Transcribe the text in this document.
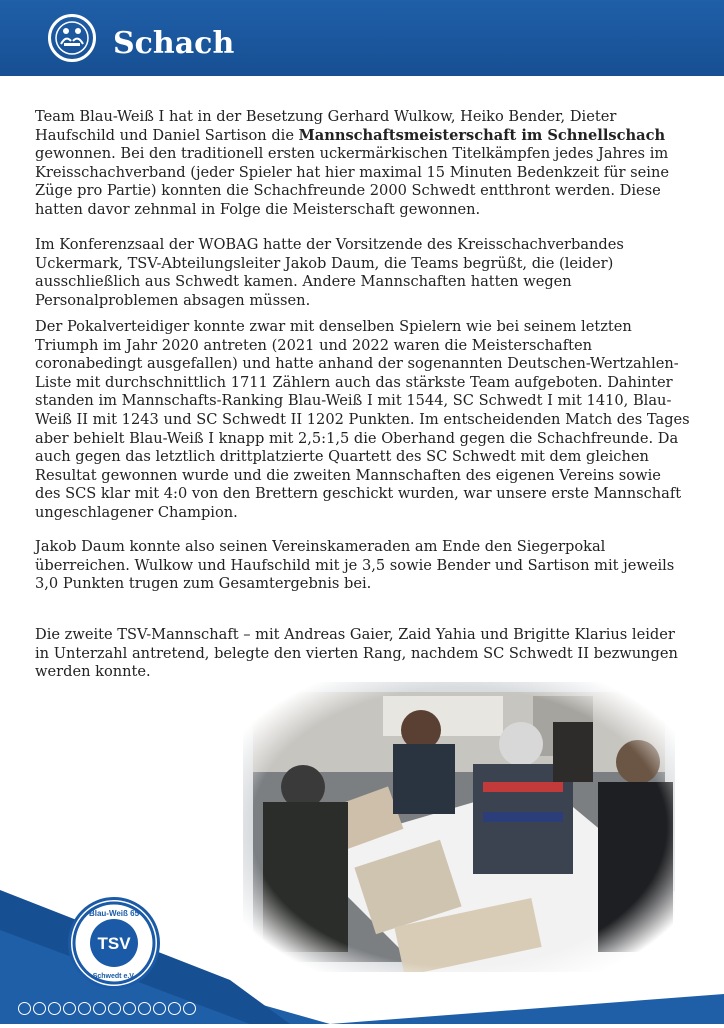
Schach

Team Blau-Weiß I hat in der Besetzung Gerhard Wulkow, Heiko Bender, Dieter Haufschild und Daniel Sartison die Mannschaftsmeisterschaft im Schnellschach gewonnen. Bei den traditionell ersten uckermärkischen Titelkämpfen jedes Jahres im Kreisschachverband (jeder Spieler hat hier maximal 15 Minuten Bedenkzeit für seine Züge pro Partie) konnten die Schachfreunde 2000 Schwedt entthront werden. Diese hatten davor zehnmal in Folge die Meisterschaft gewonnen.

Im Konferenzsaal der WOBAG hatte der Vorsitzende des Kreisschachverbandes Uckermark, TSV-Abteilungsleiter Jakob Daum, die Teams begrüßt, die (leider) ausschließlich aus Schwedt kamen. Andere Mannschaften hatten wegen Personalproblemen absagen müssen.

Der Pokalverteidiger konnte zwar mit denselben Spielern wie bei seinem letzten Triumph im Jahr 2020 antreten (2021 und 2022 waren die Meisterschaften coronabedingt ausgefallen) und hatte anhand der sogenannten Deutschen-Wertzahlen-Liste mit durchschnittlich 1711 Zählern auch das stärkste Team aufgeboten. Dahinter standen im Mannschafts-Ranking Blau-Weiß I mit 1544, SC Schwedt I mit 1410, Blau-Weiß II mit 1243 und SC Schwedt II 1202 Punkten. Im entscheidenden Match des Tages aber behielt Blau-Weiß I knapp mit 2,5:1,5 die Oberhand gegen die Schachfreunde. Da auch gegen das letztlich drittplatzierte Quartett des SC Schwedt mit dem gleichen Resultat gewonnen wurde und die zweiten Mannschaften des eigenen Vereins sowie des SCS klar mit 4:0 von den Brettern geschickt wurden, war unsere erste Mannschaft ungeschlagener Champion.

Jakob Daum konnte also seinen Vereinskameraden am Ende den Siegerpokal überreichen. Wulkow und Haufschild mit je 3,5 sowie Bender und Sartison mit jeweils 3,0 Punkten trugen zum Gesamtergebnis bei.

Die zweite TSV-Mannschaft – mit Andreas Gaier, Zaid Yahia und Brigitte Klarius leider in Unterzahl antretend, belegte den vierten Rang, nachdem SC Schwedt II bezwungen werden konnte.

TSV
Blau-Weiß 65
Schwedt e.V.
